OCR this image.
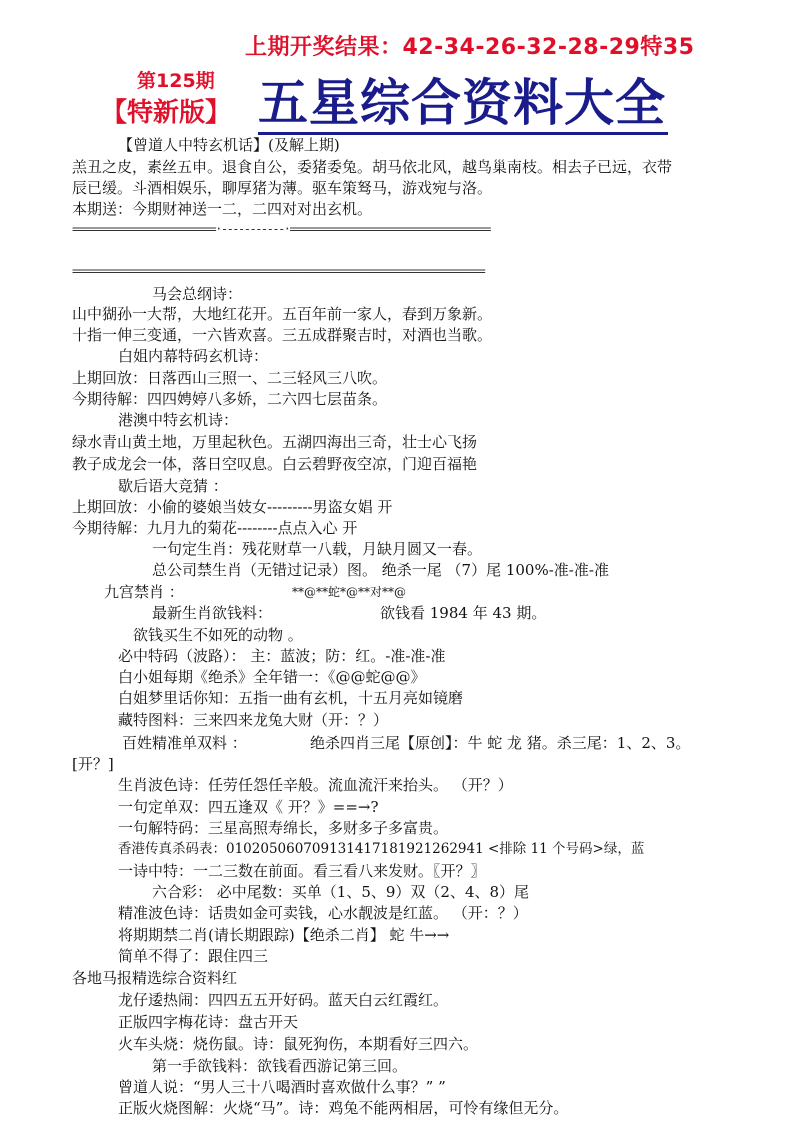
上期开奖结果：42-34-26-32-28-29特35
第125期
【特新版】 五星综合资料大全
【曾道人中特玄机话】(及解上期)
羔丑之皮，素丝五申。退食自公，委猪委兔。胡马依北风，越鸟巢南枝。相去子已远，衣带
辰已缓。斗酒相娱乐，聊厚猪为薄。驱车策驽马，游戏宛与洛。
本期送：今期财神送一二，二四对对出玄机。
=========================·-----------·===================================
========================================================================
马会总纲诗：
山中猢孙一大帮，大地红花开。五百年前一家人，春到万象新。
十指一伸三变通，一六皆欢喜。三五成群聚吉时，对酒也当歌。
白姐内幕特码玄机诗：
上期回放：日落西山三照一、二三轻风三八吹。
今期待解：四四娉婷八多娇，二六四七层苗条。
港澳中特玄机诗：
绿水青山黄土地，万里起秋色。五湖四海出三奇，壮士心飞扬
教子成龙会一体，落日空叹息。白云碧野夜空凉，门迎百福艳
歇后语大竞猜 ：
上期回放：小偷的婆娘当妓女---------男盗女娼 开
今期待解：九月九的菊花--------点点入心 开
一句定生肖：残花财草一八载，月缺月圆又一春。
总公司禁生肖（无错过记录）图。 绝杀一尾 （7）尾 100%-准-准-准
九宫禁肖 ：	**@**蛇*@**对**@
最新生肖欲钱料：	欲钱看 1984 年 43 期。
欲钱买生不如死的动物 。
必中特码（波路）： 主：蓝波；防：红。-准-准-准
白小姐每期《绝杀》全年错一：《@@蛇@@》
白姐梦里话你知：五指一曲有玄机，十五月亮如镜磨
藏特图料：三来四来龙兔大财（开：？）
百姓精准单双料 ：	绝杀四肖三尾【原创】：牛 蛇 龙 猪。杀三尾：1、2、3。
[开？]
生肖波色诗：任劳任怨任辛般。流血流汗来抬头。 （开？）
一句定单双：四五逢双《 开？》==→?
一句解特码：三星高照寿绵长，多财多子多富贵。
香港传真杀码表：0102050607091314171819212629​41 <排除 11 个号码>绿，蓝
一诗中特：一二三数在前面。看三看八来发财。〖开？〗
六合彩： 必中尾数：买单（1、5、9）双（2、4、8）尾
精准波色诗：话贵如金可卖钱，心水靓波是红蓝。 （开：？）
将期期禁二肖(请长期跟踪)【绝杀二肖】 蛇 牛→→
简单不得了：跟住四三
各地马报精选综合资料红
龙仔逶热闹：四四五五开好码。蓝天白云红霞红。
正版四字梅花诗：盘古开天
火车头烧：烧伤鼠。诗：鼠死狗伤，本期看好三四六。
第一手欲钱料：欲钱看西游记第三回。
曾道人说：“男人三十八喝酒时喜欢做什么事？” ”
正版火烧图解：火烧“马”。诗：鸡兔不能两相居，可怜有缘但无分。
